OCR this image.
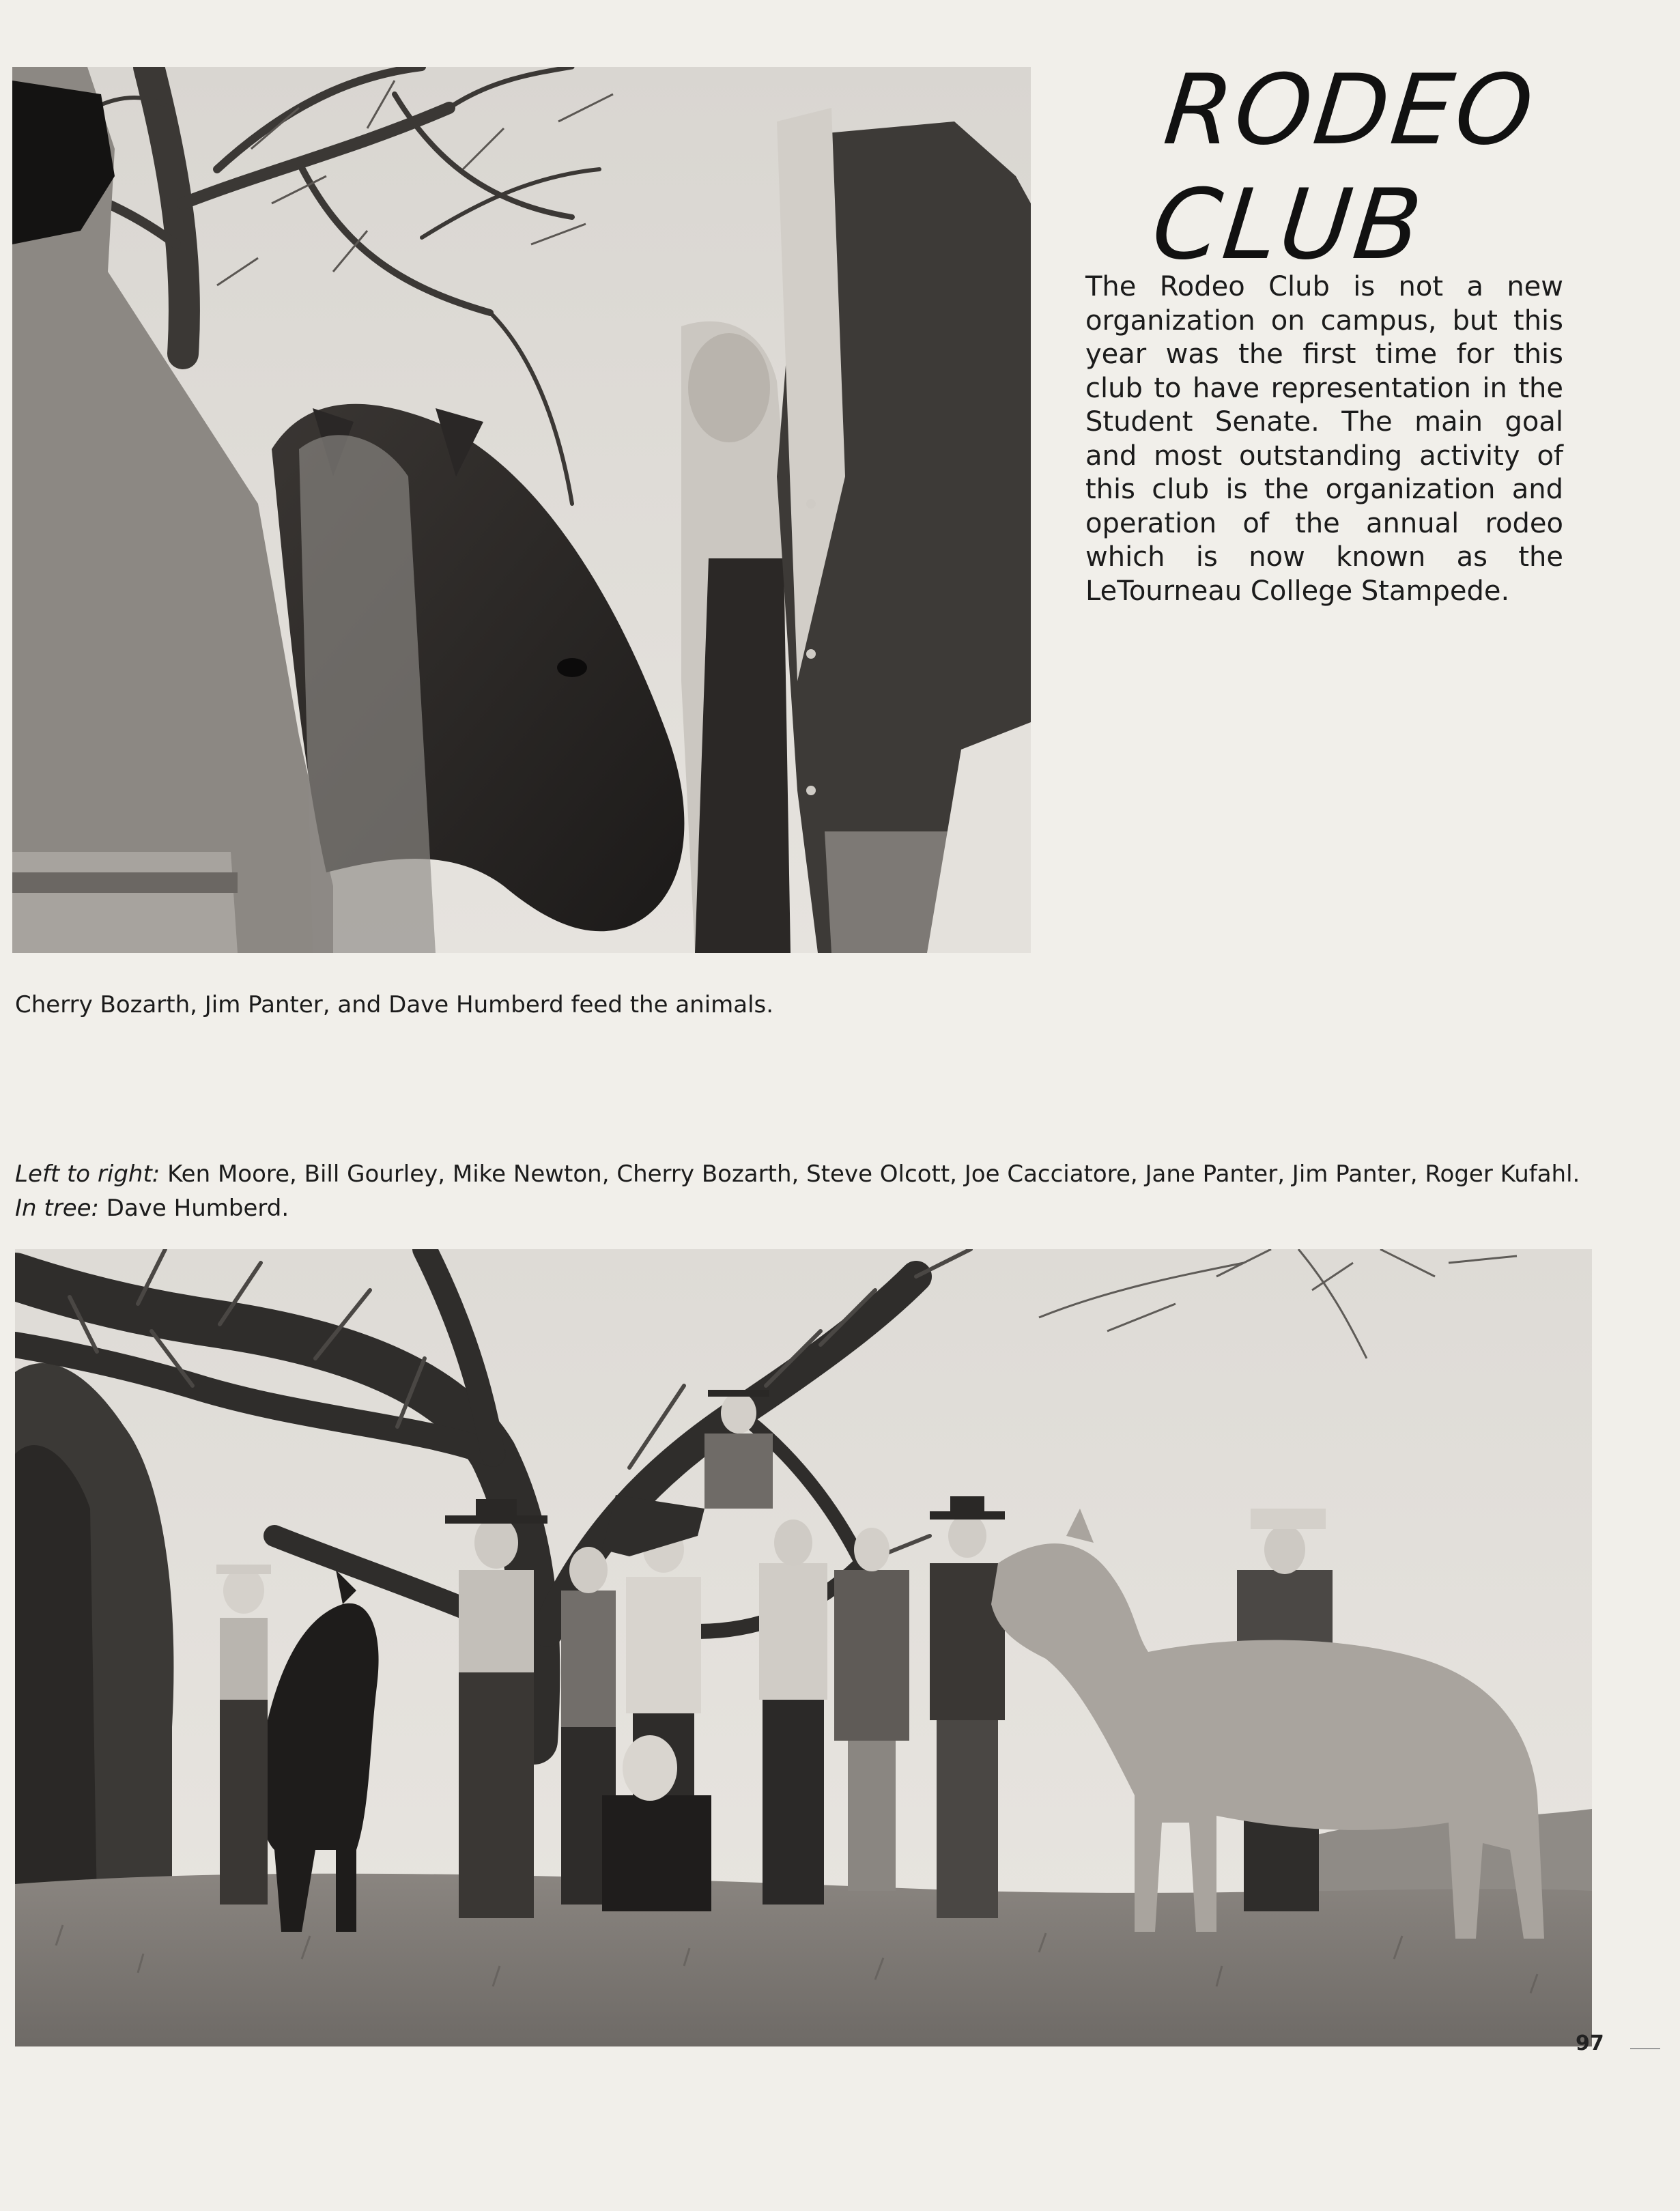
RODEO
CLUB
The Rodeo Club is not a new organization on campus, but this year was the first time for this club to have representation in the Student Senate. The main goal and most outstanding activity of this club is the organization and operation of the annual rodeo which is now known as the LeTourneau College Stampede.
Cherry Bozarth, Jim Panter, and Dave Humberd feed the animals.
Left to right: Ken Moore, Bill Gourley, Mike Newton, Cherry Bozarth, Steve Olcott, Joe Cacciatore, Jane Panter, Jim Panter, Roger Kufahl. In tree: Dave Humberd.
97
